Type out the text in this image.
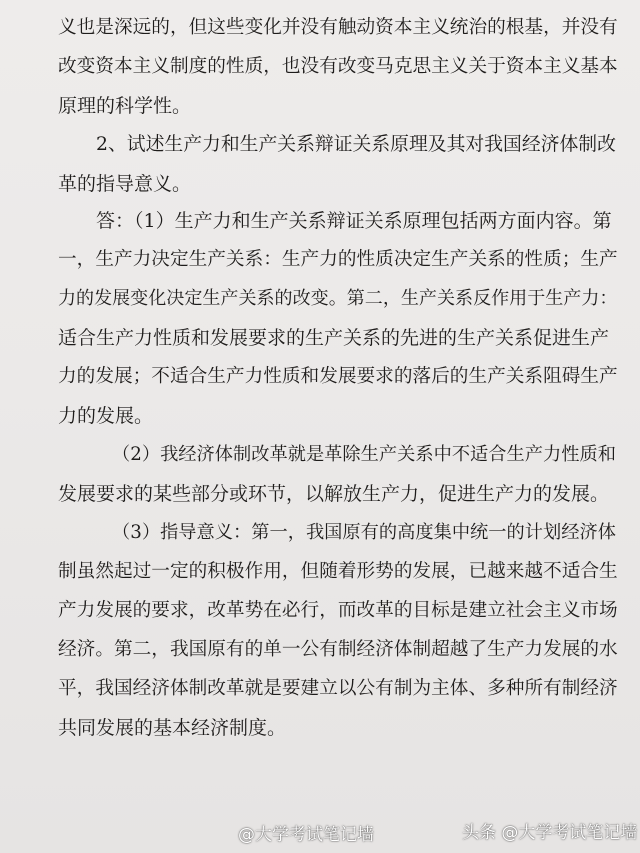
义也是深远的，但这些变化并没有触动资本主义统治的根基，并没有
改变资本主义制度的性质，也没有改变马克思主义关于资本主义基本
原理的科学性。
2、试述生产力和生产关系辩证关系原理及其对我国经济体制改
革的指导意义。
答：（1）生产力和生产关系辩证关系原理包括两方面内容。第
一，生产力决定生产关系：生产力的性质决定生产关系的性质；生产
力的发展变化决定生产关系的改变。第二，生产关系反作用于生产力：
适合生产力性质和发展要求的生产关系的先进的生产关系促进生产
力的发展；不适合生产力性质和发展要求的落后的生产关系阻碍生产
力的发展。
（2）我经济体制改革就是革除生产关系中不适合生产力性质和
发展要求的某些部分或环节，以解放生产力，促进生产力的发展。
（3）指导意义：第一，我国原有的高度集中统一的计划经济体
制虽然起过一定的积极作用，但随着形势的发展，已越来越不适合生
产力发展的要求，改革势在必行，而改革的目标是建立社会主义市场
经济。第二，我国原有的单一公有制经济体制超越了生产力发展的水
平，我国经济体制改革就是要建立以公有制为主体、多种所有制经济
共同发展的基本经济制度。
@大学考试笔记墙	头条 @大学考试笔记墙
